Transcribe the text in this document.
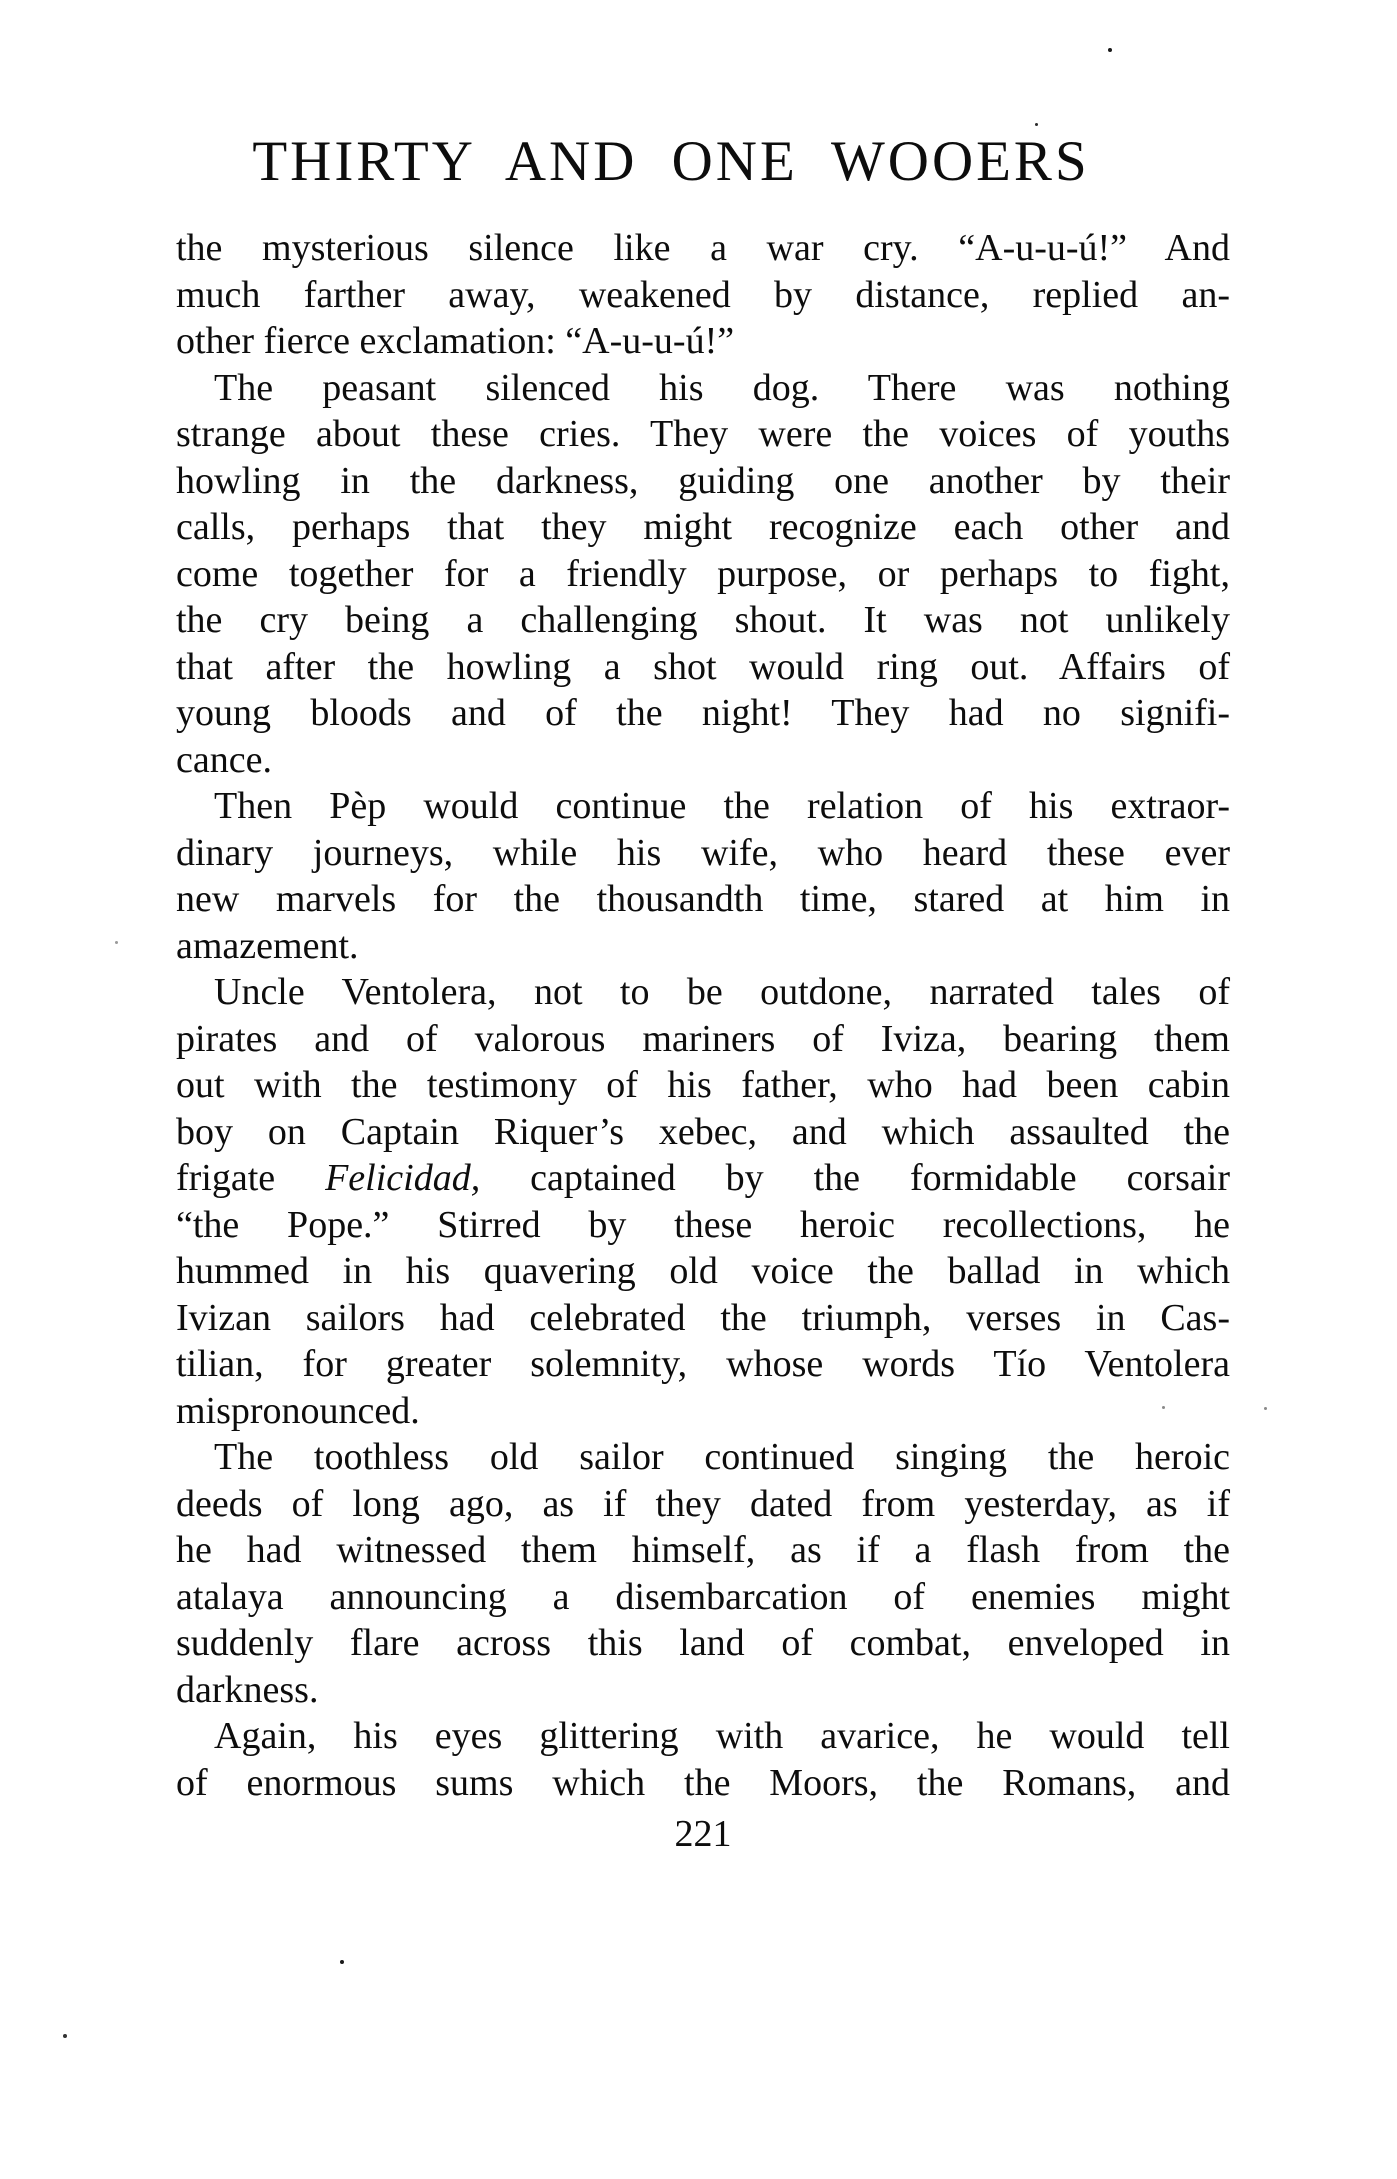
THIRTY AND ONE WOOERS
the mysterious silence like a war cry. “A-u-u-ú!” And
much farther away, weakened by distance, replied an-
other fierce exclamation: “A-u-u-ú!”
The peasant silenced his dog. There was nothing
strange about these cries. They were the voices of youths
howling in the darkness, guiding one another by their
calls, perhaps that they might recognize each other and
come together for a friendly purpose, or perhaps to fight,
the cry being a challenging shout. It was not unlikely
that after the howling a shot would ring out. Affairs of
young bloods and of the night! They had no signifi-
cance.
Then Pèp would continue the relation of his extraor-
dinary journeys, while his wife, who heard these ever
new marvels for the thousandth time, stared at him in
amazement.
Uncle Ventolera, not to be outdone, narrated tales of
pirates and of valorous mariners of Iviza, bearing them
out with the testimony of his father, who had been cabin
boy on Captain Riquer’s xebec, and which assaulted the
frigate Felicidad, captained by the formidable corsair
“the Pope.” Stirred by these heroic recollections, he
hummed in his quavering old voice the ballad in which
Ivizan sailors had celebrated the triumph, verses in Cas-
tilian, for greater solemnity, whose words Tío Ventolera
mispronounced.
The toothless old sailor continued singing the heroic
deeds of long ago, as if they dated from yesterday, as if
he had witnessed them himself, as if a flash from the
atalaya announcing a disembarcation of enemies might
suddenly flare across this land of combat, enveloped in
darkness.
Again, his eyes glittering with avarice, he would tell
of enormous sums which the Moors, the Romans, and
221
